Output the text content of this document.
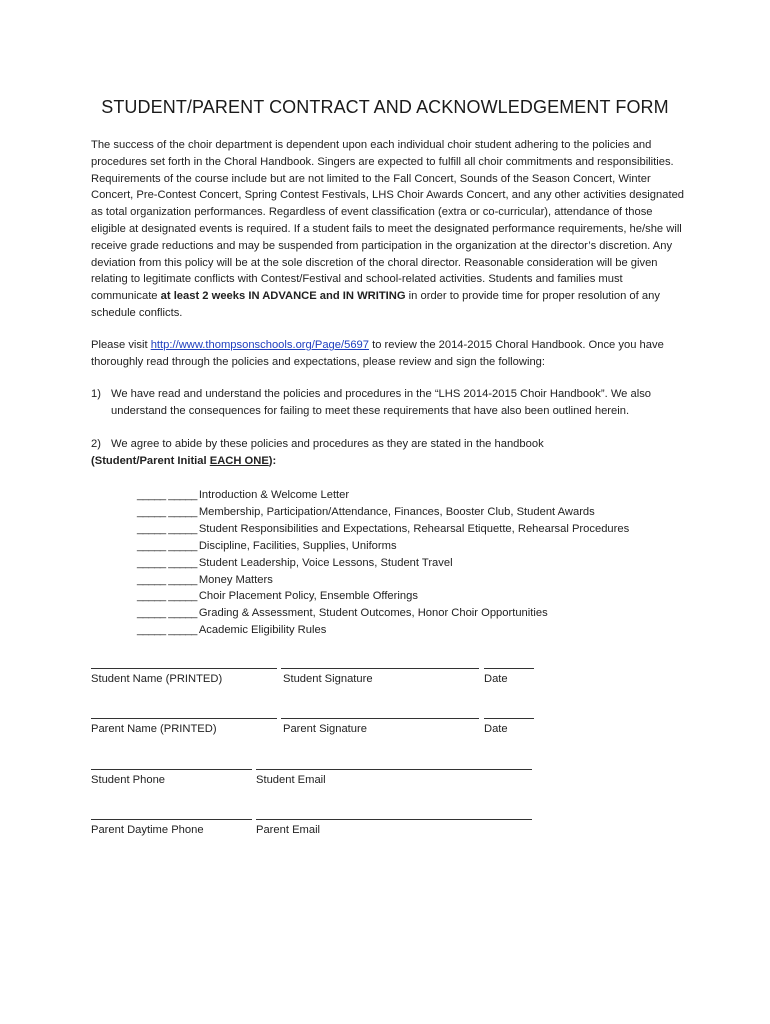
STUDENT/PARENT CONTRACT AND ACKNOWLEDGEMENT FORM
The success of the choir department is dependent upon each individual choir student adhering to the policies and procedures set forth in the Choral Handbook. Singers are expected to fulfill all choir commitments and responsibilities. Requirements of the course include but are not limited to the Fall Concert, Sounds of the Season Concert, Winter Concert, Pre-Contest Concert, Spring Contest Festivals, LHS Choir Awards Concert, and any other activities designated as total organization performances. Regardless of event classification (extra or co-curricular), attendance of those eligible at designated events is required. If a student fails to meet the designated performance requirements, he/she will receive grade reductions and may be suspended from participation in the organization at the director’s discretion. Any deviation from this policy will be at the sole discretion of the choral director. Reasonable consideration will be given relating to legitimate conflicts with Contest/Festival and school-related activities. Students and families must communicate at least 2 weeks IN ADVANCE and IN WRITING in order to provide time for proper resolution of any schedule conflicts.
Please visit http://www.thompsonschools.org/Page/5697 to review the 2014-2015 Choral Handbook. Once you have thoroughly read through the policies and expectations, please review and sign the following:
1) We have read and understand the policies and procedures in the “LHS 2014-2015 Choir Handbook”. We also
understand the consequences for failing to meet these requirements that have also been outlined herein.
2) We agree to abide by these policies and procedures as they are stated in the handbook
(Student/Parent Initial EACH ONE):
_____ _____ Introduction & Welcome Letter
_____ _____ Membership, Participation/Attendance, Finances, Booster Club, Student Awards
_____ _____ Student Responsibilities and Expectations, Rehearsal Etiquette, Rehearsal Procedures
_____ _____ Discipline, Facilities, Supplies, Uniforms
_____ _____ Student Leadership, Voice Lessons, Student Travel
_____ _____ Money Matters
_____ _____ Choir Placement Policy, Ensemble Offerings
_____ _____ Grading & Assessment, Student Outcomes, Honor Choir Opportunities
_____ _____ Academic Eligibility Rules
Student Name (PRINTED)	Student Signature	Date
Parent Name (PRINTED)	Parent Signature	Date
Student Phone	Student Email
Parent Daytime Phone	Parent Email
